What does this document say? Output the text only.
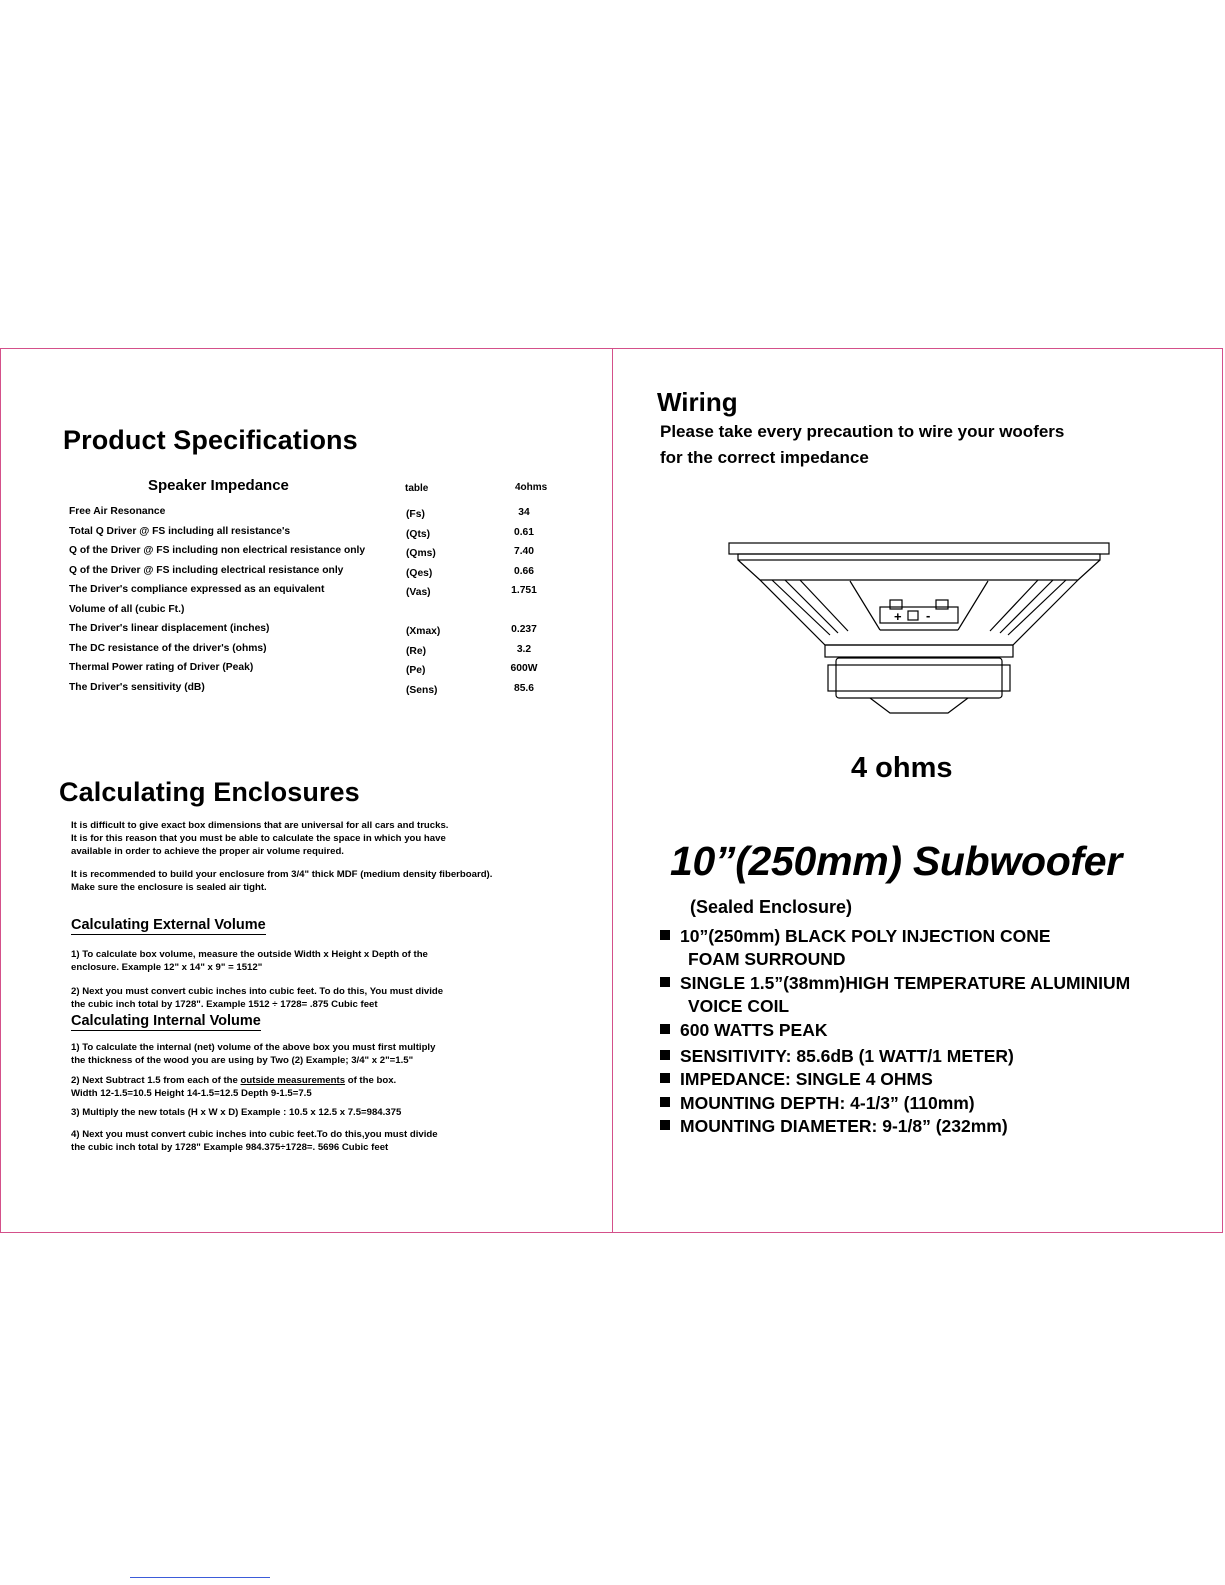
Product Specifications
Speaker Impedance	table	4ohms
Free Air Resonance	(Fs)	34
Total Q Driver @ FS including all resistance's	(Qts)	0.61
Q of the Driver @ FS including non electrical resistance only	(Qms)	7.40
Q of the Driver @ FS including electrical resistance only	(Qes)	0.66
The Driver's compliance expressed as an equivalent	(Vas)	1.751
Volume of all (cubic Ft.)
The Driver's linear displacement (inches)	(Xmax)	0.237
The DC resistance of the driver's (ohms)	(Re)	3.2
Thermal Power rating of Driver (Peak)	(Pe)	600W
The Driver's sensitivity (dB)	(Sens)	85.6
Calculating Enclosures
It is difficult to give exact box dimensions that are universal for all cars and trucks.
It is for this reason that you must be able to calculate the space in which you have
available in order to achieve the proper air volume required.
It is recommended to build your enclosure from 3/4" thick MDF (medium density fiberboard).
Make sure the enclosure is sealed air tight.
Calculating External Volume
1) To calculate box volume, measure the outside Width x Height x Depth of the
enclosure. Example 12" x 14" x 9" = 1512"
2) Next you must convert cubic inches into cubic feet. To do this, You must divide
the cubic inch total by 1728". Example 1512 ÷ 1728= .875 Cubic feet
Calculating Internal Volume
1) To calculate the internal (net) volume of the above box you must first multiply
the thickness of the wood you are using by Two (2) Example; 3/4" x 2"=1.5"
2) Next Subtract 1.5 from each of the outside measurements of the box.
Width 12-1.5=10.5 Height 14-1.5=12.5 Depth 9-1.5=7.5
3) Multiply the new totals (H x W x D) Example : 10.5 x 12.5 x 7.5=984.375
4) Next you must convert cubic inches into cubic feet.To do this,you must divide
the cubic inch total by 1728" Example 984.375÷1728=. 5696 Cubic feet
Wiring
Please take every precaution to wire your woofers
for the correct impedance
+ -
4 ohms
10”(250mm) Subwoofer
(Sealed Enclosure)
10”(250mm) BLACK POLY INJECTION CONE
FOAM SURROUND
SINGLE 1.5”(38mm)HIGH TEMPERATURE ALUMINIUM
VOICE COIL
600 WATTS PEAK
SENSITIVITY: 85.6dB (1 WATT/1 METER)
IMPEDANCE: SINGLE 4 OHMS
MOUNTING DEPTH: 4-1/3” (110mm)
MOUNTING DIAMETER: 9-1/8” (232mm)
